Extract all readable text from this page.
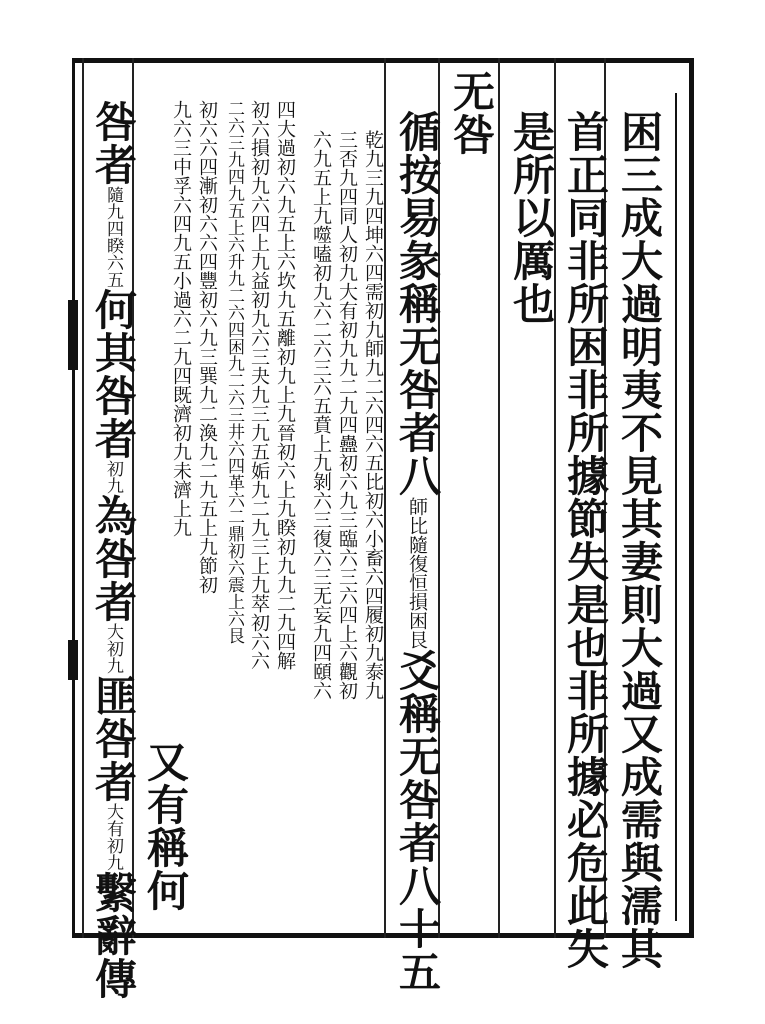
困三成大過明夷不見其妻則大過又成需與濡其
首正同非所困非所據節失是也非所據必危此失
是所以厲也
无咎
循按易彖稱无咎者八師比隨復恒損困艮爻稱无咎者八十五
乾九三九四坤六四需初九師九二六四六五比初六小畜六四履初九泰九
三否九四同人初九大有初九九二九四蠱初六九三臨六三六四上六觀初
六九五上九噬嗑初九六二六三六五賁上九剝六三復六三无妄九四頤六
四大過初六九五上六坎九五離初九上九晉初六上九睽初九九二九四解
初六損初九六四上九益初九六三夬九三九五姤九二九三上九萃初六六
二六三九四九五上六升九二六四困九二六三井六四革六二鼎初六震上六艮
初六六四漸初六六四豐初六九三巽九二渙九二九五上九節初
九六三中孚六四九五小過六二九四既濟初九未濟上九
又有稱何
咎者隨九四睽六五何其咎者初九為咎者大初九匪咎者大有初九繫辭傳
